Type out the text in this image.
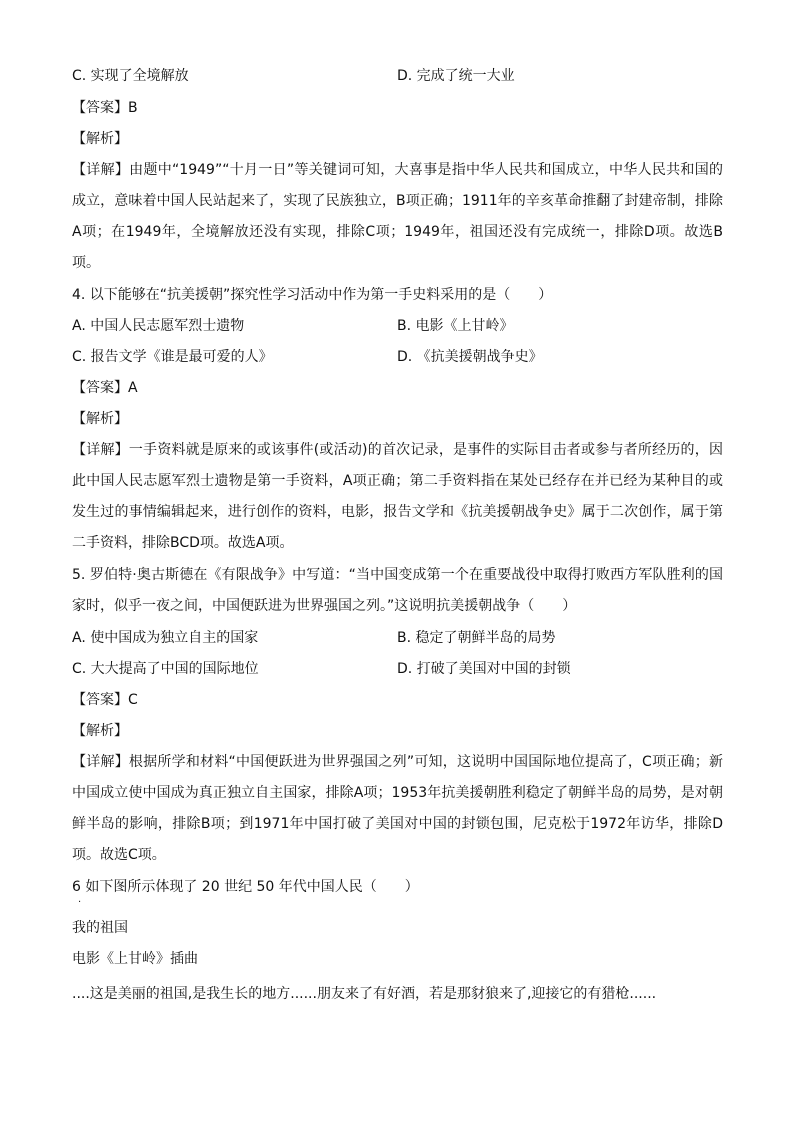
C. 实现了全境解放	D. 完成了统一大业
【答案】B
【解析】
【详解】由题中“1949”“十月一日”等关键词可知，大喜事是指中华人民共和国成立，中华人民共和国的成立，意味着中国人民站起来了，实现了民族独立，B项正确；1911年的辛亥革命推翻了封建帝制，排除A项；在1949年，全境解放还没有实现，排除C项；1949年，祖国还没有完成统一，排除D项。故选B项。
4. 以下能够在“抗美援朝”探究性学习活动中作为第一手史料采用的是（　　）
A. 中国人民志愿军烈士遗物	B. 电影《上甘岭》
C. 报告文学《谁是最可爱的人》	D. 《抗美援朝战争史》
【答案】A
【解析】
【详解】一手资料就是原来的或该事件(或活动)的首次记录，是事件的实际目击者或参与者所经历的，因此中国人民志愿军烈士遗物是第一手资料，A项正确；第二手资料指在某处已经存在并已经为某种目的或发生过的事情编辑起来，进行创作的资料，电影，报告文学和《抗美援朝战争史》属于二次创作，属于第二手资料，排除BCD项。故选A项。
5. 罗伯特·奥古斯德在《有限战争》中写道：“当中国变成第一个在重要战役中取得打败西方军队胜利的国家时，似乎一夜之间，中国便跃进为世界强国之列。”这说明抗美援朝战争（　　）
A. 使中国成为独立自主的国家	B. 稳定了朝鲜半岛的局势
C. 大大提高了中国的国际地位	D. 打破了美国对中国的封锁
【答案】C
【解析】
【详解】根据所学和材料“中国便跃进为世界强国之列”可知，这说明中国国际地位提高了，C项正确；新中国成立使中国成为真正独立自主国家，排除A项；1953年抗美援朝胜利稳定了朝鲜半岛的局势，是对朝鲜半岛的影响，排除B项；到1971年中国打破了美国对中国的封锁包围，尼克松于1972年访华，排除D项。故选C项。
6 如下图所示体现了 20 世纪 50 年代中国人民（　　）
·
我的祖国
电影《上甘岭》插曲
....这是美丽的祖国,是我生长的地方......朋友来了有好酒，若是那豺狼来了,迎接它的有猎枪......
